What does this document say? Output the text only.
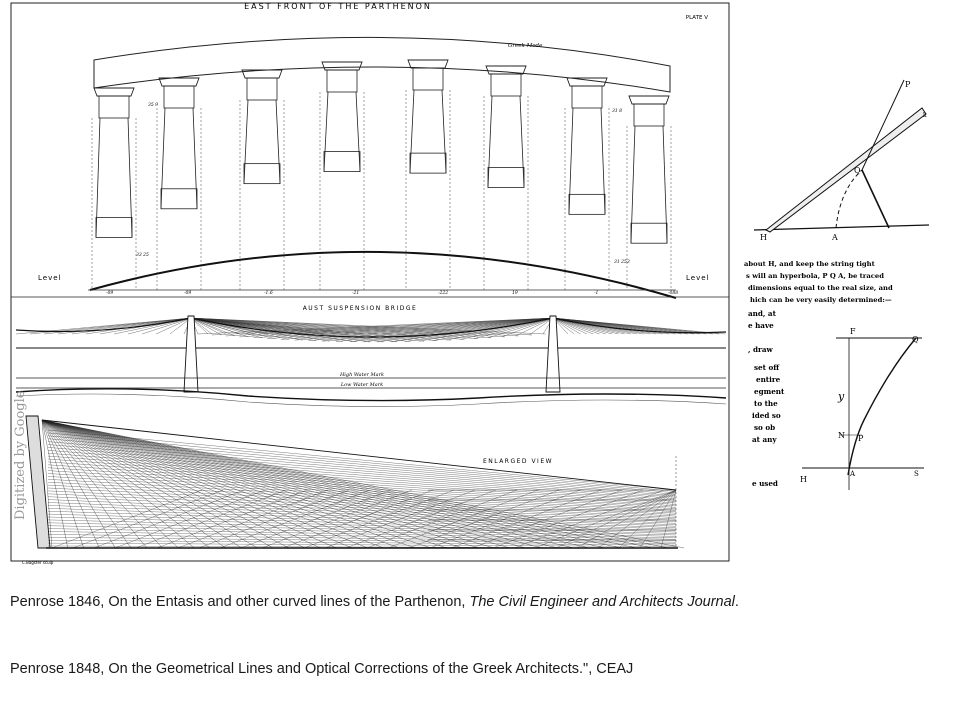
EAST FRONT OF THE PARTHENON
PLATE V
Level	Level
Greek Mode
-09	-09	-1.6	-21	-222	19	-1	-088
35 9
31 8
33 25
31 253
AUST SUSPENSION BRIDGE
High Water Mark
Low Water Mark
ENLARGED VIEW
C.Bagster sculp
Digitized by Google
P
Q
A
H
k
about H, and keep the string tight
s will an hyperbola, P Q A, be traced
dimensions equal to the real size, and
hich can be very easily determined:—
and, at
e have
, draw
set off
entire
egment
to the
ided so
so ob
at any
e used
F
Q
y
N P
A
H
S
Penrose 1846, On the Entasis and other curved lines of the Parthenon, The Civil Engineer and Architects Journal.
Penrose 1848, On the Geometrical Lines and Optical Corrections of the Greek Architects.", CEAJ
